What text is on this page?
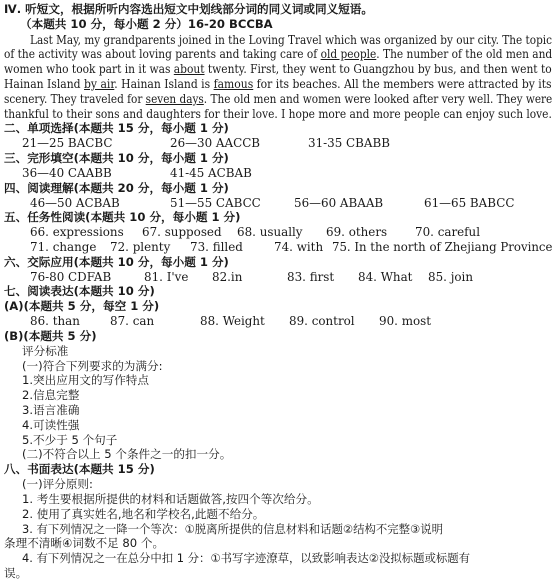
Ⅳ. 听短文，根据所听内容选出短文中划线部分词的同义词或同义短语。
（本题共 10 分，每小题 2 分）16-20 BCCBA
Last May, my grandparents joined in the Loving Travel which was organized by our city. The topic
of the activity was about loving parents and taking care of old people. The number of the old men and
women who took part in it was about twenty. First, they went to Guangzhou by bus, and then went to
Hainan Island by air. Hainan Island is famous for its beaches. All the members were attracted by its
scenery. They traveled for seven days. The old men and women were looked after very well. They were
thankful to their sons and daughters for their love. I hope more and more people can enjoy such love.
二、单项选择(本题共 15 分，每小题 1 分)
21—25 BACBC	26—30 AACCB	31-35 CBABB
三、完形填空(本题共 10 分，每小题 1 分)
36—40 CAABB	41-45 ACBAB
四、阅读理解(本题共 20 分，每小题 1 分)
46—50 ACBAB	51—55 CABCC	56—60 ABAAB	61—65 BABCC
五、任务性阅读(本题共 10 分，每小题 1 分)
66. expressions 67. supposed 68. usually 69. others 70. careful
71. change 72. plenty 73. filled	74. with 75. In the north of Zhejiang Province
六、交际应用(本题共 10 分，每小题 1 分)
76-80 CDFAB	81. I've 82.in	83. first 84. What 85. join
七、阅读表达(本题共 10 分)
(A)(本题共 5 分，每空 1 分)
86. than	87. can	88. Weight 89. control 90. most
(B)(本题共 5 分)
评分标准
(一)符合下列要求的为满分:
1.突出应用文的写作特点
2.信息完整
3.语言准确
4.可读性强
5.不少于 5 个句子
(二)不符合以上 5 个条件之一的扣一分。
八、书面表达(本题共 15 分)
(一)评分原则:
1. 考生要根据所提供的材料和话题做答,按四个等次给分。
2. 使用了真实姓名,地名和学校名,此题不给分。
3. 有下列情况之一降一个等次：①脱离所提供的信息材料和话题②结构不完整③说明
条理不清晰④词数不足 80 个。
4. 有下列情况之一在总分中扣 1 分：①书写字迹潦草，以致影响表达②没拟标题或标题有
误。
